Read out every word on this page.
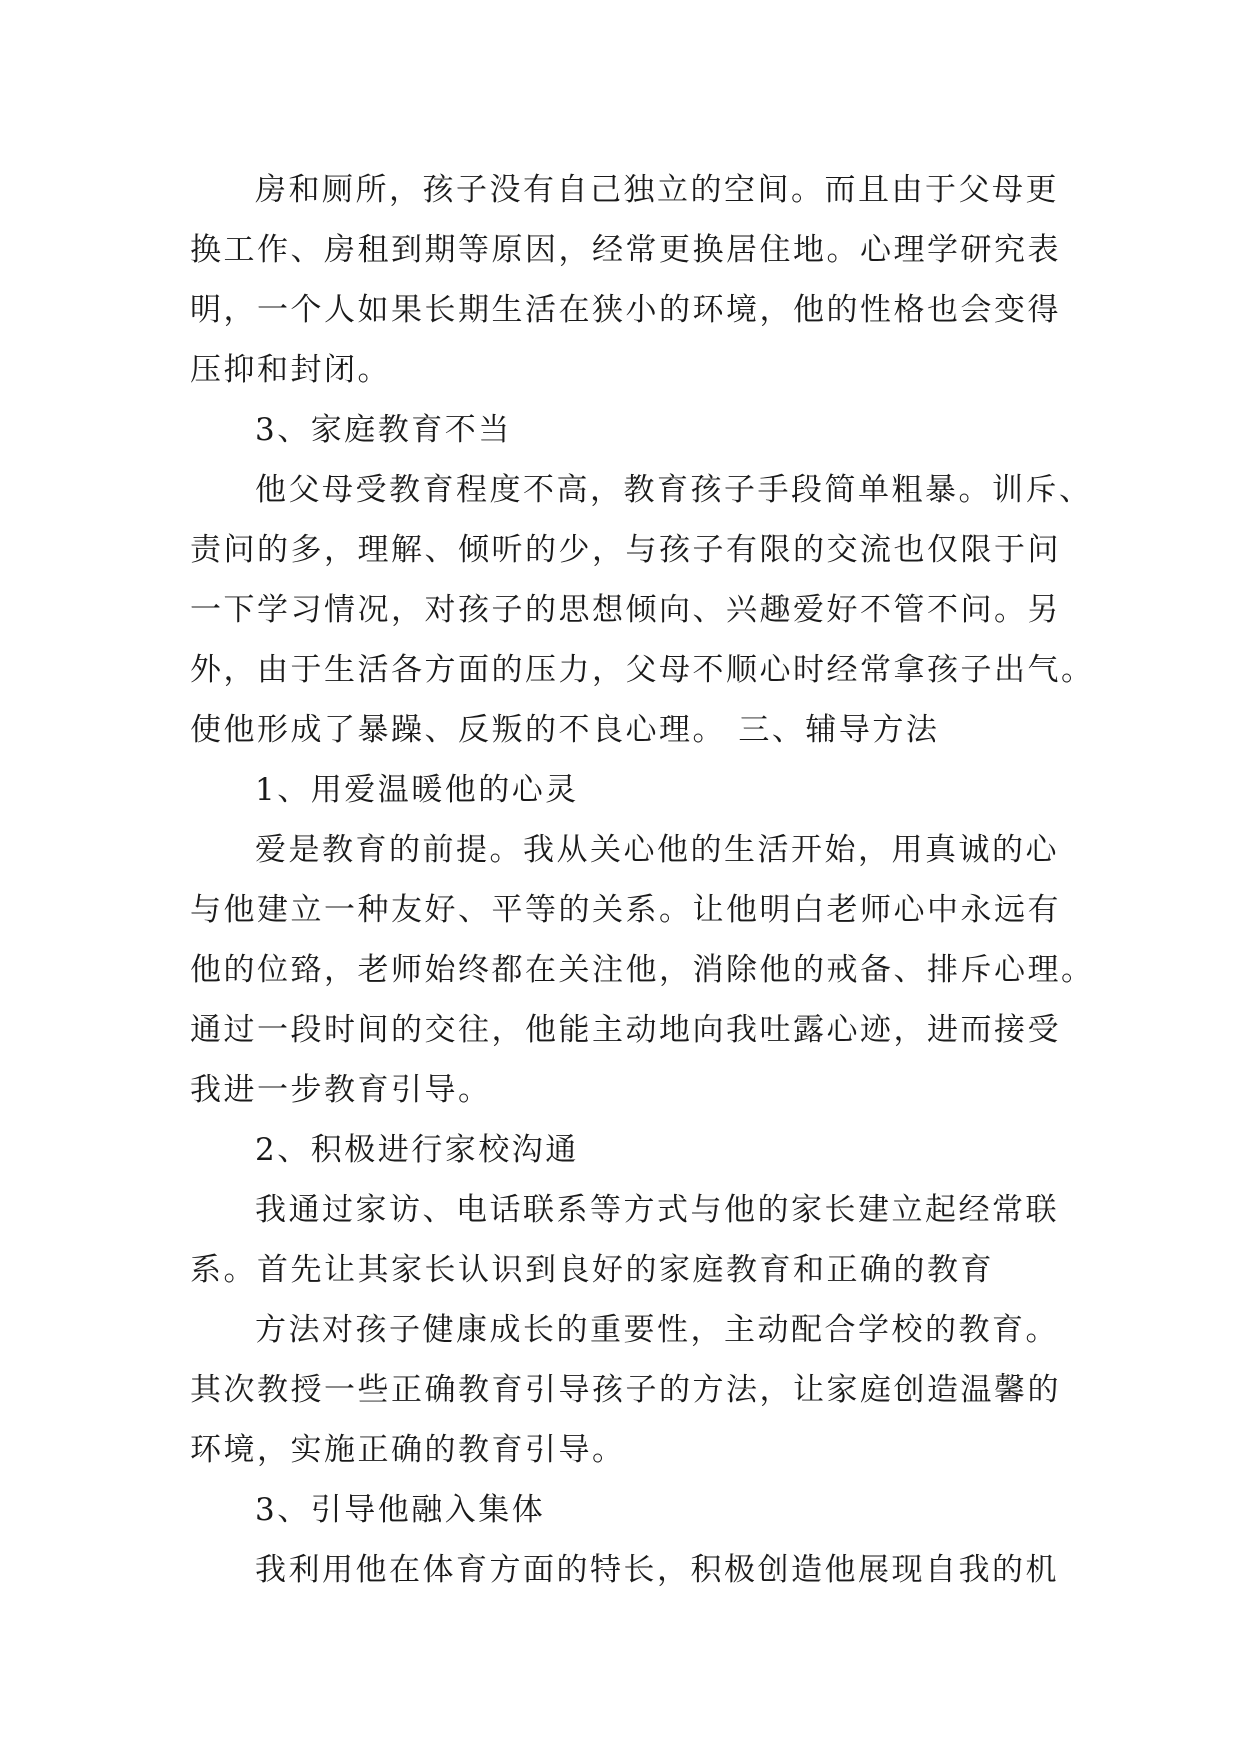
房和厕所，孩子没有自己独立的空间。而且由于父母更
换工作、房租到期等原因，经常更换居住地。心理学研究表
明，一个人如果长期生活在狭小的环境，他的性格也会变得
压抑和封闭。
3、家庭教育不当
他父母受教育程度不高，教育孩子手段简单粗暴。训斥、
责问的多，理解、倾听的少，与孩子有限的交流也仅限于问
一下学习情况，对孩子的思想倾向、兴趣爱好不管不问。另
外，由于生活各方面的压力，父母不顺心时经常拿孩子出气。
使他形成了暴躁、反叛的不良心理。 三、辅导方法
1、用爱温暖他的心灵
爱是教育的前提。我从关心他的生活开始，用真诚的心
与他建立一种友好、平等的关系。让他明白老师心中永远有
他的位臵，老师始终都在关注他，消除他的戒备、排斥心理。
通过一段时间的交往，他能主动地向我吐露心迹，进而接受
我进一步教育引导。
2、积极进行家校沟通
我通过家访、电话联系等方式与他的家长建立起经常联
系。首先让其家长认识到良好的家庭教育和正确的教育
方法对孩子健康成长的重要性，主动配合学校的教育。
其次教授一些正确教育引导孩子的方法，让家庭创造温馨的
环境，实施正确的教育引导。
3、引导他融入集体
我利用他在体育方面的特长，积极创造他展现自我的机
